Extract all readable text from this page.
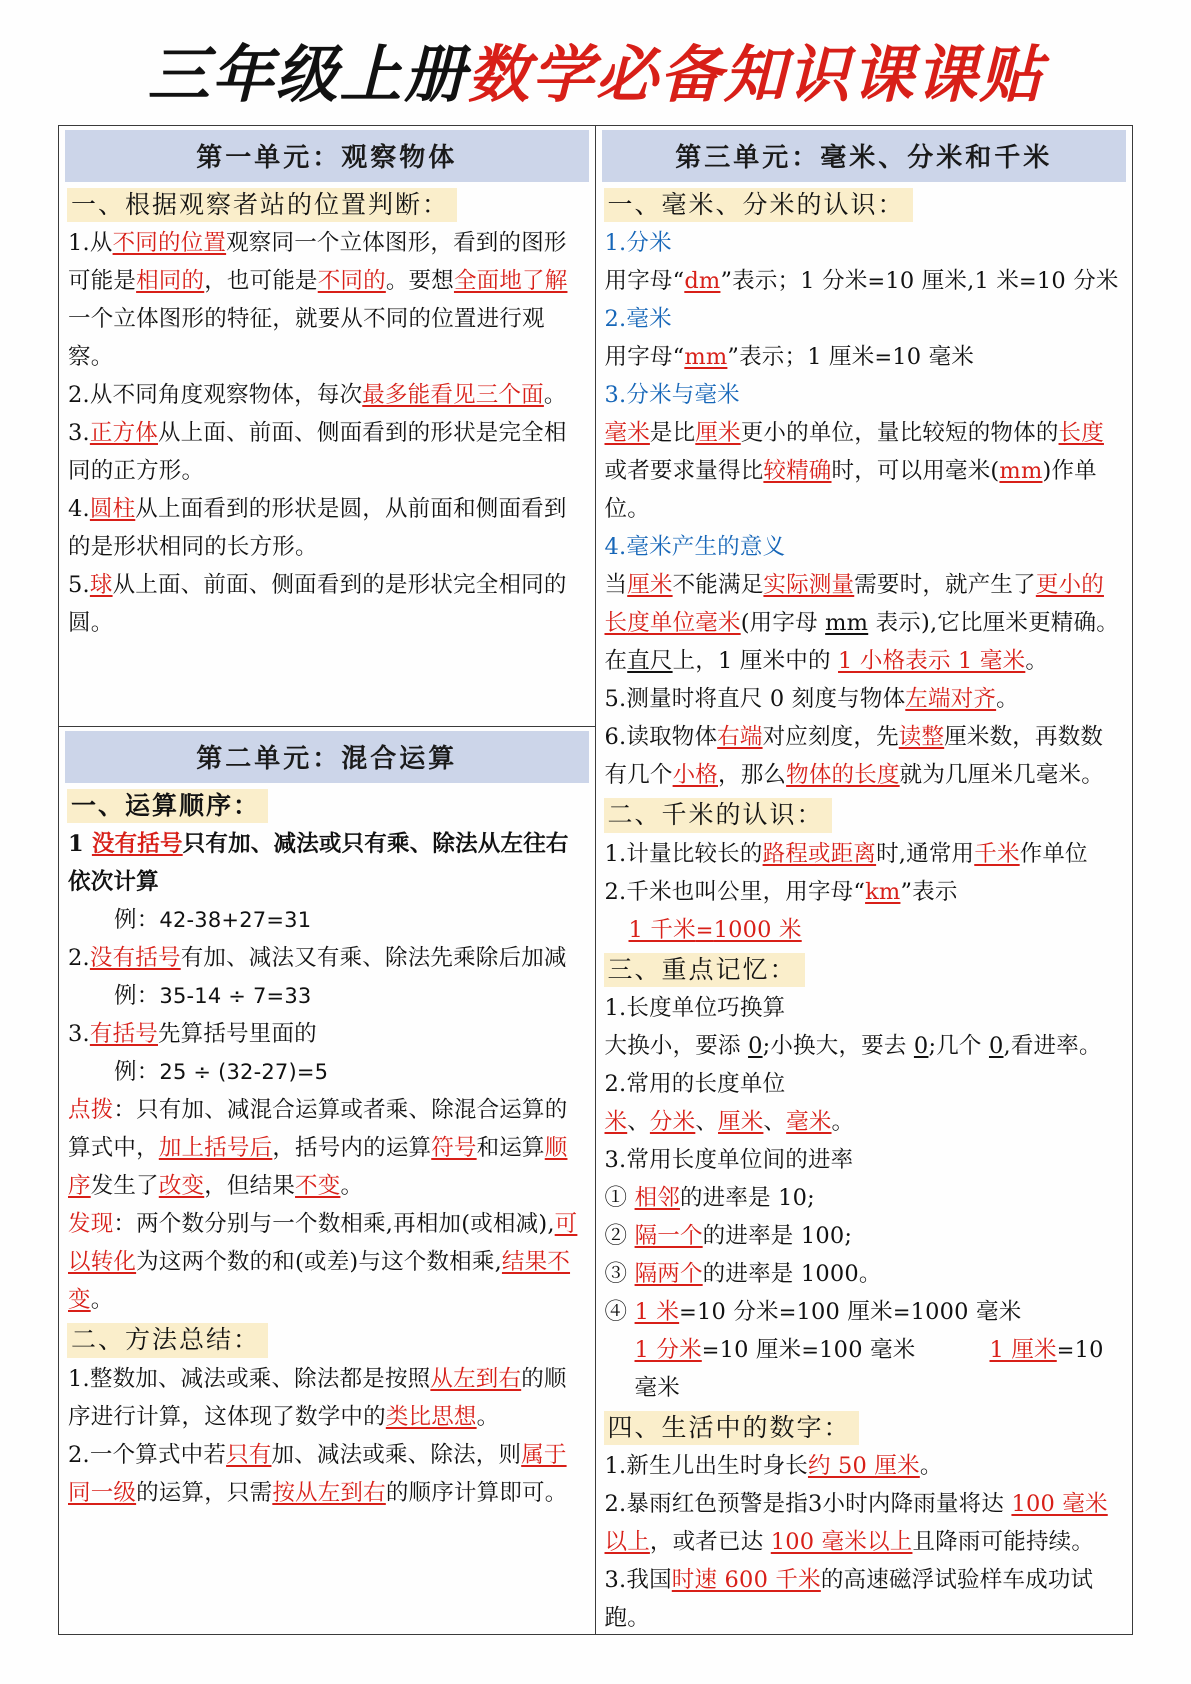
三年级上册数学必备知识课课贴
第一单元：观察物体
一、根据观察者站的位置判断：
1.从不同的位置观察同一个立体图形，看到的图形可能是相同的，也可能是不同的。要想全面地了解一个立体图形的特征，就要从不同的位置进行观察。
2.从不同角度观察物体，每次最多能看见三个面。
3.正方体从上面、前面、侧面看到的形状是完全相同的正方形。
4.圆柱从上面看到的形状是圆，从前面和侧面看到的是形状相同的长方形。
5.球从上面、前面、侧面看到的是形状完全相同的圆。
第二单元：混合运算
一、运算顺序：
1 没有括号只有加、减法或只有乘、除法从左往右依次计算
例：42-38+27=31
2.没有括号有加、减法又有乘、除法先乘除后加减
例：35-14 ÷ 7=33
3.有括号先算括号里面的
例：25 ÷ (32-27)=5
点拨：只有加、减混合运算或者乘、除混合运算的算式中，加上括号后，括号内的运算符号和运算顺序发生了改变，但结果不变。
发现：两个数分别与一个数相乘,再相加(或相减),可以转化为这两个数的和(或差)与这个数相乘,结果不变。
二、方法总结：
1.整数加、减法或乘、除法都是按照从左到右的顺序进行计算，这体现了数学中的类比思想。
2.一个算式中若只有加、减法或乘、除法，则属于同一级的运算，只需按从左到右的顺序计算即可。
第三单元：毫米、分米和千米
一、毫米、分米的认识：
1.分米
用字母“dm”表示；1 分米=10 厘米,1 米=10 分米
2.毫米
用字母“mm”表示；1 厘米=10 毫米
3.分米与毫米
毫米是比厘米更小的单位，量比较短的物体的长度或者要求量得比较精确时，可以用毫米(mm)作单位。
4.毫米产生的意义
当厘米不能满足实际测量需要时，就产生了更小的长度单位毫米(用字母 mm 表示),它比厘米更精确。在直尺上，1 厘米中的 1 小格表示 1 毫米。
5.测量时将直尺 0 刻度与物体左端对齐。
6.读取物体右端对应刻度，先读整厘米数，再数数有几个小格，那么物体的长度就为几厘米几毫米。
二、千米的认识：
1.计量比较长的路程或距离时,通常用千米作单位
2.千米也叫公里，用字母“km”表示
1 千米=1000 米
三、重点记忆：
1.长度单位巧换算
大换小，要添 0;小换大，要去 0;几个 0,看进率。
2.常用的长度单位
米、分米、厘米、毫米。
3.常用长度单位间的进率
① 相邻的进率是 10;
② 隔一个的进率是 100;
③ 隔两个的进率是 1000。
④ 1 米=10 分米=100 厘米=1000 毫米
1 分米=10 厘米=100 毫米	1 厘米=10 毫米
四、生活中的数字：
1.新生儿出生时身长约 50 厘米。
2.暴雨红色预警是指3小时内降雨量将达 100 毫米以上，或者已达 100 毫米以上且降雨可能持续。
3.我国时速 600 千米的高速磁浮试验样车成功试跑。
